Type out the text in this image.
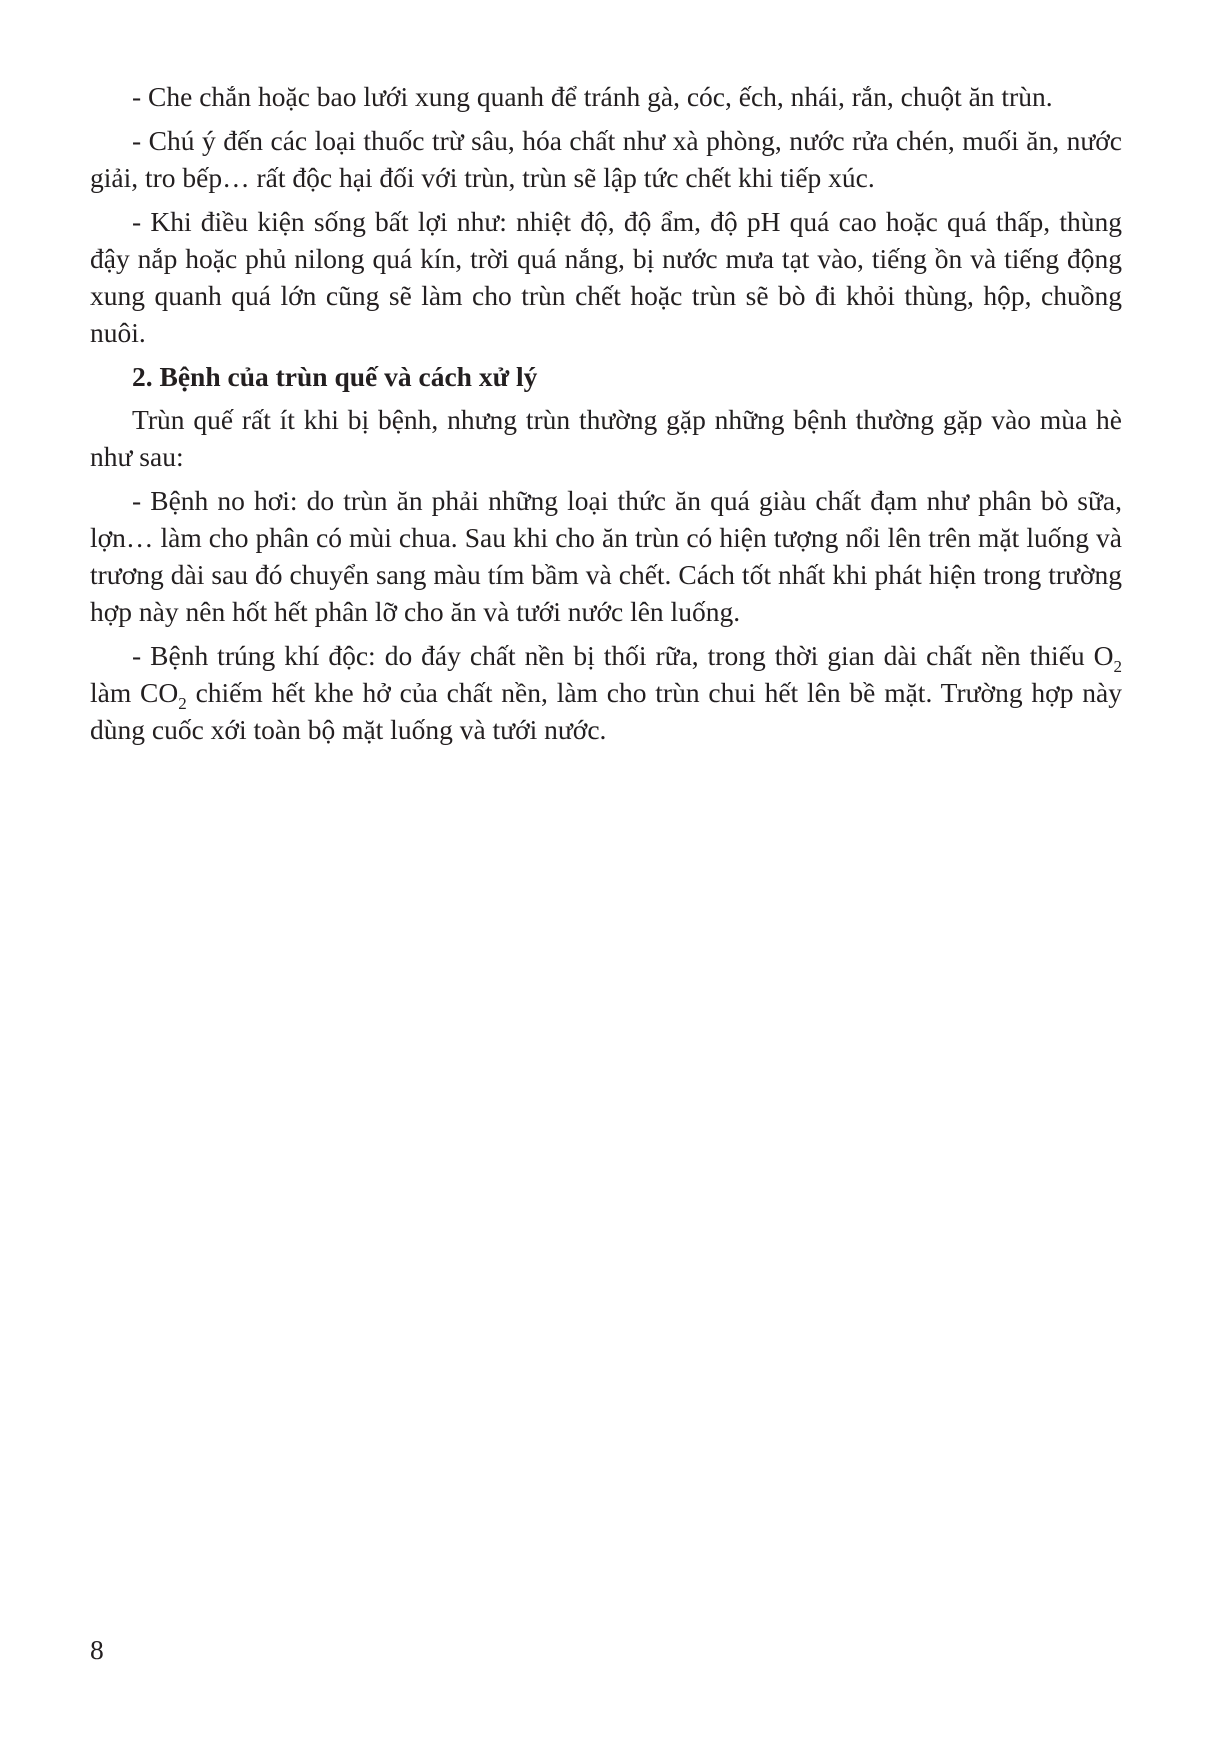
- Che chắn hoặc bao lưới xung quanh để tránh gà, cóc, ếch, nhái, rắn, chuột ăn trùn.

- Chú ý đến các loại thuốc trừ sâu, hóa chất như xà phòng, nước rửa chén, muối ăn, nước giải, tro bếp… rất độc hại đối với trùn, trùn sẽ lập tức chết khi tiếp xúc.

- Khi điều kiện sống bất lợi như: nhiệt độ, độ ẩm, độ pH quá cao hoặc quá thấp, thùng đậy nắp hoặc phủ nilong quá kín, trời quá nắng, bị nước mưa tạt vào, tiếng ồn và tiếng động xung quanh quá lớn cũng sẽ làm cho trùn chết hoặc trùn sẽ bò đi khỏi thùng, hộp, chuồng nuôi.

2. Bệnh của trùn quế và cách xử lý

Trùn quế rất ít khi bị bệnh, nhưng trùn thường gặp những bệnh thường gặp vào mùa hè như sau:

- Bệnh no hơi: do trùn ăn phải những loại thức ăn quá giàu chất đạm như phân bò sữa, lợn… làm cho phân có mùi chua. Sau khi cho ăn trùn có hiện tượng nổi lên trên mặt luống và trương dài sau đó chuyển sang màu tím bầm và chết. Cách tốt nhất khi phát hiện trong trường hợp này nên hốt hết phân lỡ cho ăn và tưới nước lên luống.

- Bệnh trúng khí độc: do đáy chất nền bị thối rữa, trong thời gian dài chất nền thiếu $O_2$ làm $CO_2$ chiếm hết khe hở của chất nền, làm cho trùn chui hết lên bề mặt. Trường hợp này dùng cuốc xới toàn bộ mặt luống và tưới nước.

8
